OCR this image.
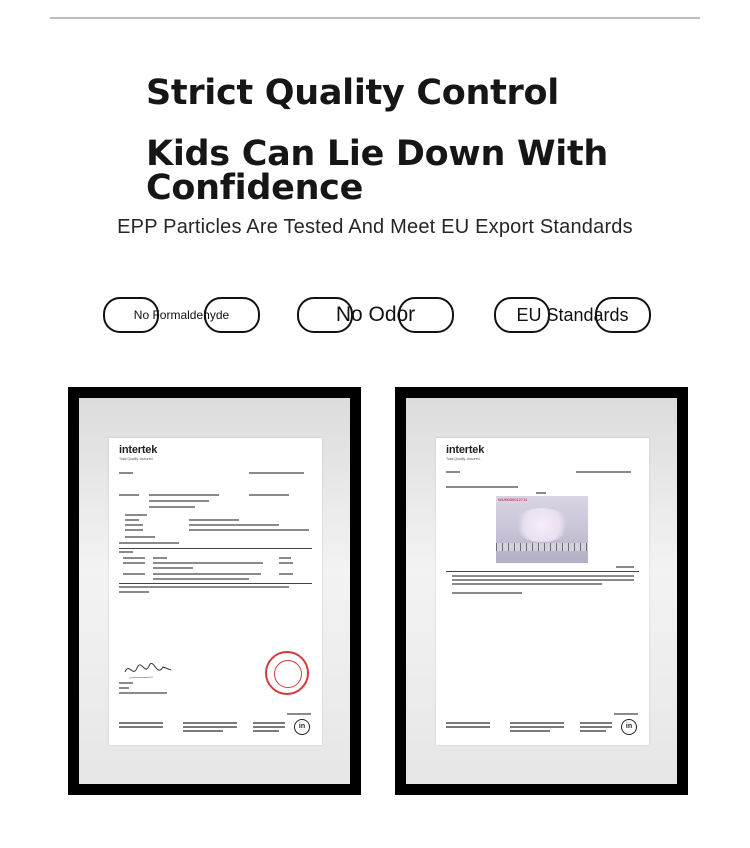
Strict Quality Control
Kids Can Lie Down With Confidence
EPP Particles Are Tested And Meet EU Export Standards
No Formaldehyde	No Odor	EU Standards
intertek
Total Quality. Assured.
in
intertek
Total Quality. Assured.
WUH000012711
in
